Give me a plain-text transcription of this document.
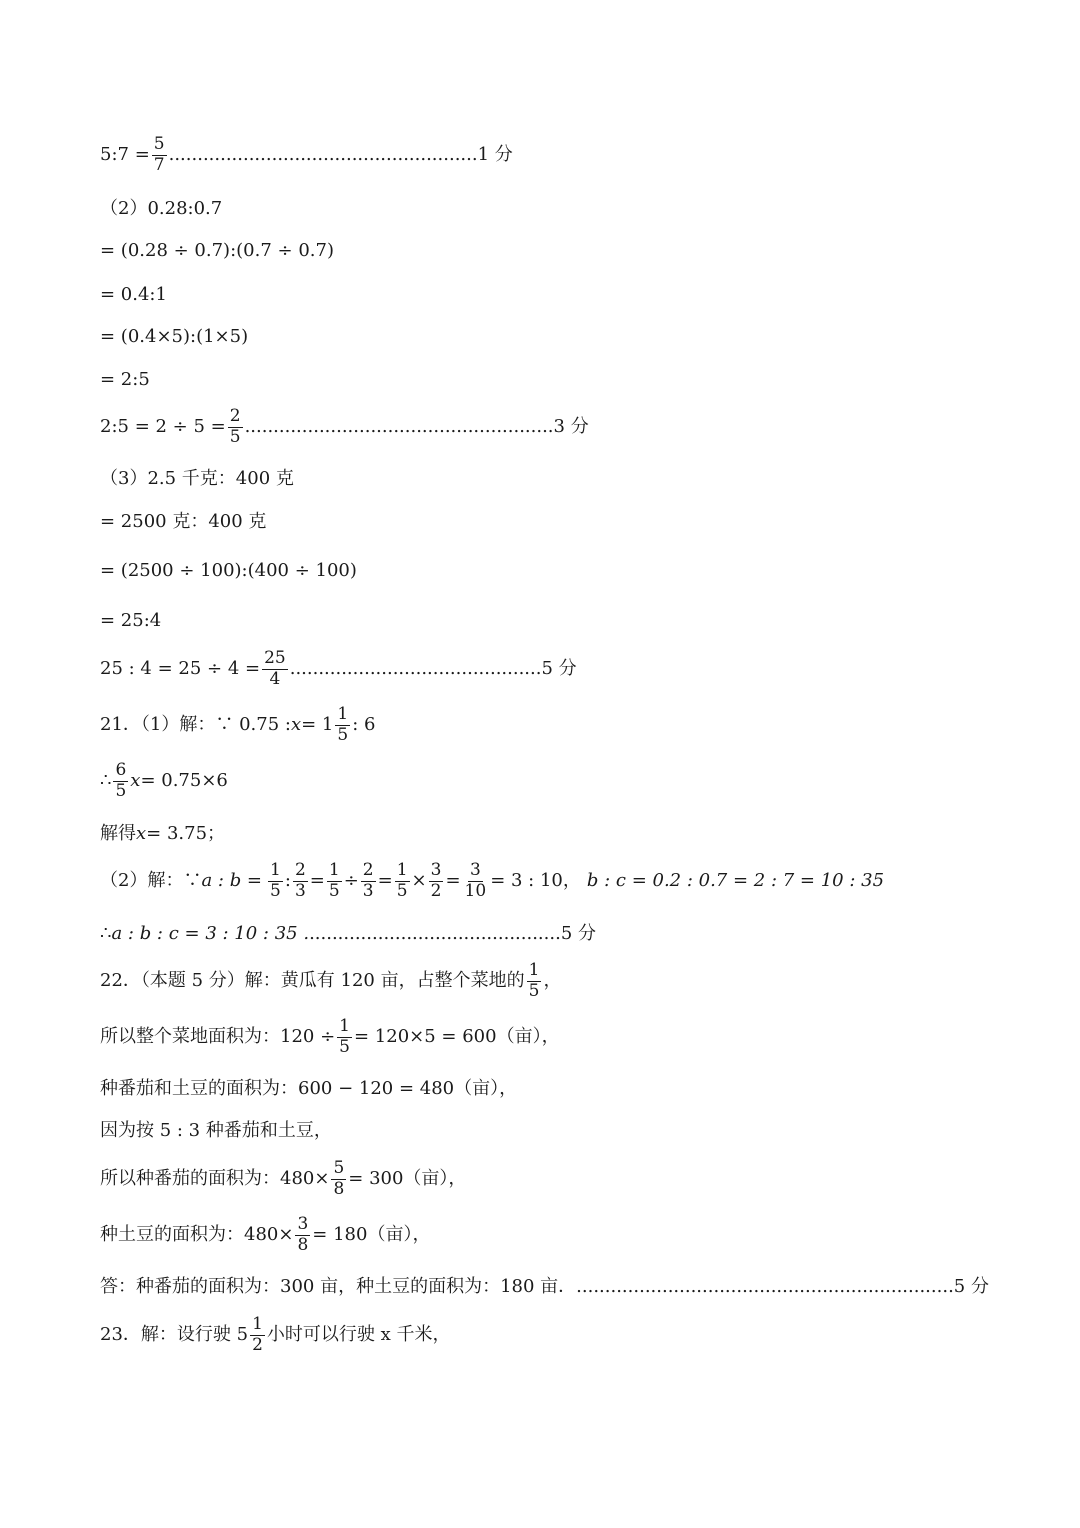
5:7 = $\frac{5}{7}$ ...................................................... 1 分
（2）0.28:0.7
= (0.28 ÷ 0.7):(0.7 ÷ 0.7)
= 0.4:1
= (0.4×5):(1×5)
= 2:5
2:5 = $2 \div 5 = \frac{2}{5}$ ...................................................... 3 分
（3）2.5 千克：400 克
= 2500 克：400 克
= (2500 ÷ 100):(400 ÷ 100)
= 25:4
25 : $4 = 25 \div 4 = \frac{25}{4}$ ............................................ 5 分
21．（1）解：∵ 0.75 : $x = 1 \frac{1}{5}$ : 6
∴ $\frac{6}{5}$ x = 0.75×6
解得 x = 3.75；
（2）解：∵ a : $b = \frac{1}{5}$ : $\frac{2}{3} = \frac{1}{5} \div \frac{2}{3} = \frac{1}{5} \times \frac{3}{2} = \frac{3}{10} = 3$ : 10， b : c = 0.2 : 0.7 = 2 : 7 = 10 : 35
∴ a : b : c = 3 : 10 : 35 . ............................................ 5 分
22．（本题 5 分）解：黄瓜有 120 亩，占整个菜地的 $\frac{1}{5}$ ，
所以整个菜地面积为：$120 \div \frac{1}{5} = 120\times 5 = 600$（亩），
种番茄和土豆的面积为：600 − 120 = 480（亩），
因为按 5 : 3 种番茄和土豆，
所以种番茄的面积为：$480\times \frac{5}{8} = 300$（亩），
种土豆的面积为：$480\times \frac{3}{8} = 180$（亩），
答：种番茄的面积为：300 亩，种土豆的面积为：180 亩． .................................................................. 5 分
23．解：设行驶 $5 \frac{1}{2}$ 小时可以行驶 x 千米，
